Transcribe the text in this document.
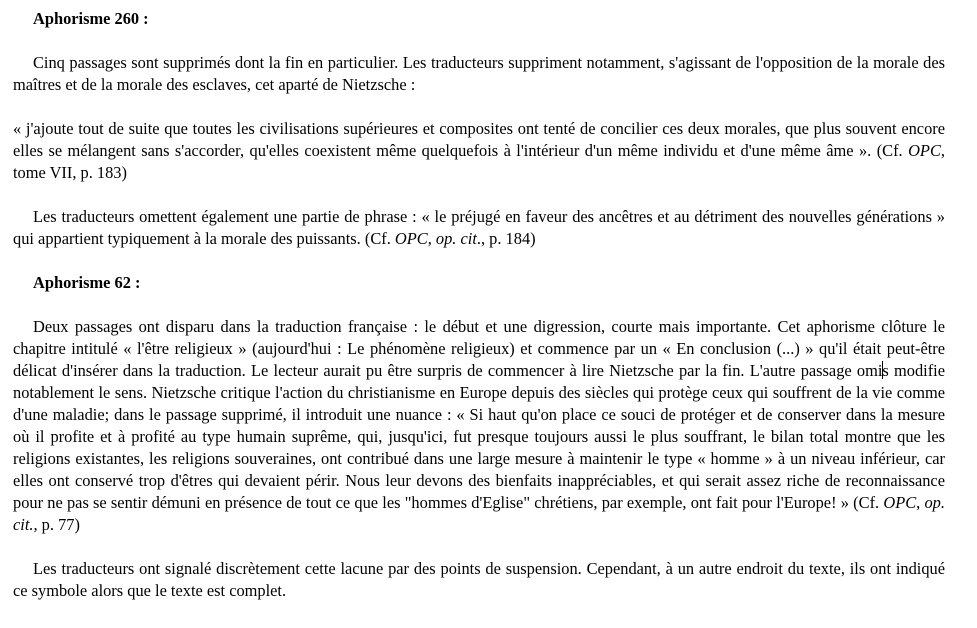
Aphorisme 260 :

Cinq passages sont supprimés dont la fin en particulier. Les traducteurs suppriment notamment, s'agissant de l'opposition de la morale des maîtres et de la morale des esclaves, cet aparté de Nietzsche :

« j'ajoute tout de suite que toutes les civilisations supérieures et composites ont tenté de concilier ces deux morales, que plus souvent encore elles se mélangent sans s'accorder, qu'elles coexistent même quelquefois à l'intérieur d'un même individu et d'une même âme ». (Cf. OPC, tome VII, p. 183)

Les traducteurs omettent également une partie de phrase : « le préjugé en faveur des ancêtres et au détriment des nouvelles générations » qui appartient typiquement à la morale des puissants. (Cf. OPC, op. cit., p. 184)

Aphorisme 62 :

Deux passages ont disparu dans la traduction française : le début et une digression, courte mais importante. Cet aphorisme clôture le chapitre intitulé « l'être religieux » (aujourd'hui : Le phénomène religieux) et commence par un « En conclusion (...) » qu'il était peut-être délicat d'insérer dans la traduction. Le lecteur aurait pu être surpris de commencer à lire Nietzsche par la fin. L'autre passage omis modifie notablement le sens. Nietzsche critique l'action du christianisme en Europe depuis des siècles qui protège ceux qui souffrent de la vie comme d'une maladie; dans le passage supprimé, il introduit une nuance : « Si haut qu'on place ce souci de protéger et de conserver dans la mesure où il profite et à profité au type humain suprême, qui, jusqu'ici, fut presque toujours aussi le plus souffrant, le bilan total montre que les religions existantes, les religions souveraines, ont contribué dans une large mesure à maintenir le type « homme » à un niveau inférieur, car elles ont conservé trop d'êtres qui devaient périr. Nous leur devons des bienfaits inappréciables, et qui serait assez riche de reconnaissance pour ne pas se sentir démuni en présence de tout ce que les "hommes d'Eglise" chrétiens, par exemple, ont fait pour l'Europe! » (Cf. OPC, op. cit., p. 77)

Les traducteurs ont signalé discrètement cette lacune par des points de suspension. Cependant, à un autre endroit du texte, ils ont indiqué ce symbole alors que le texte est complet.
